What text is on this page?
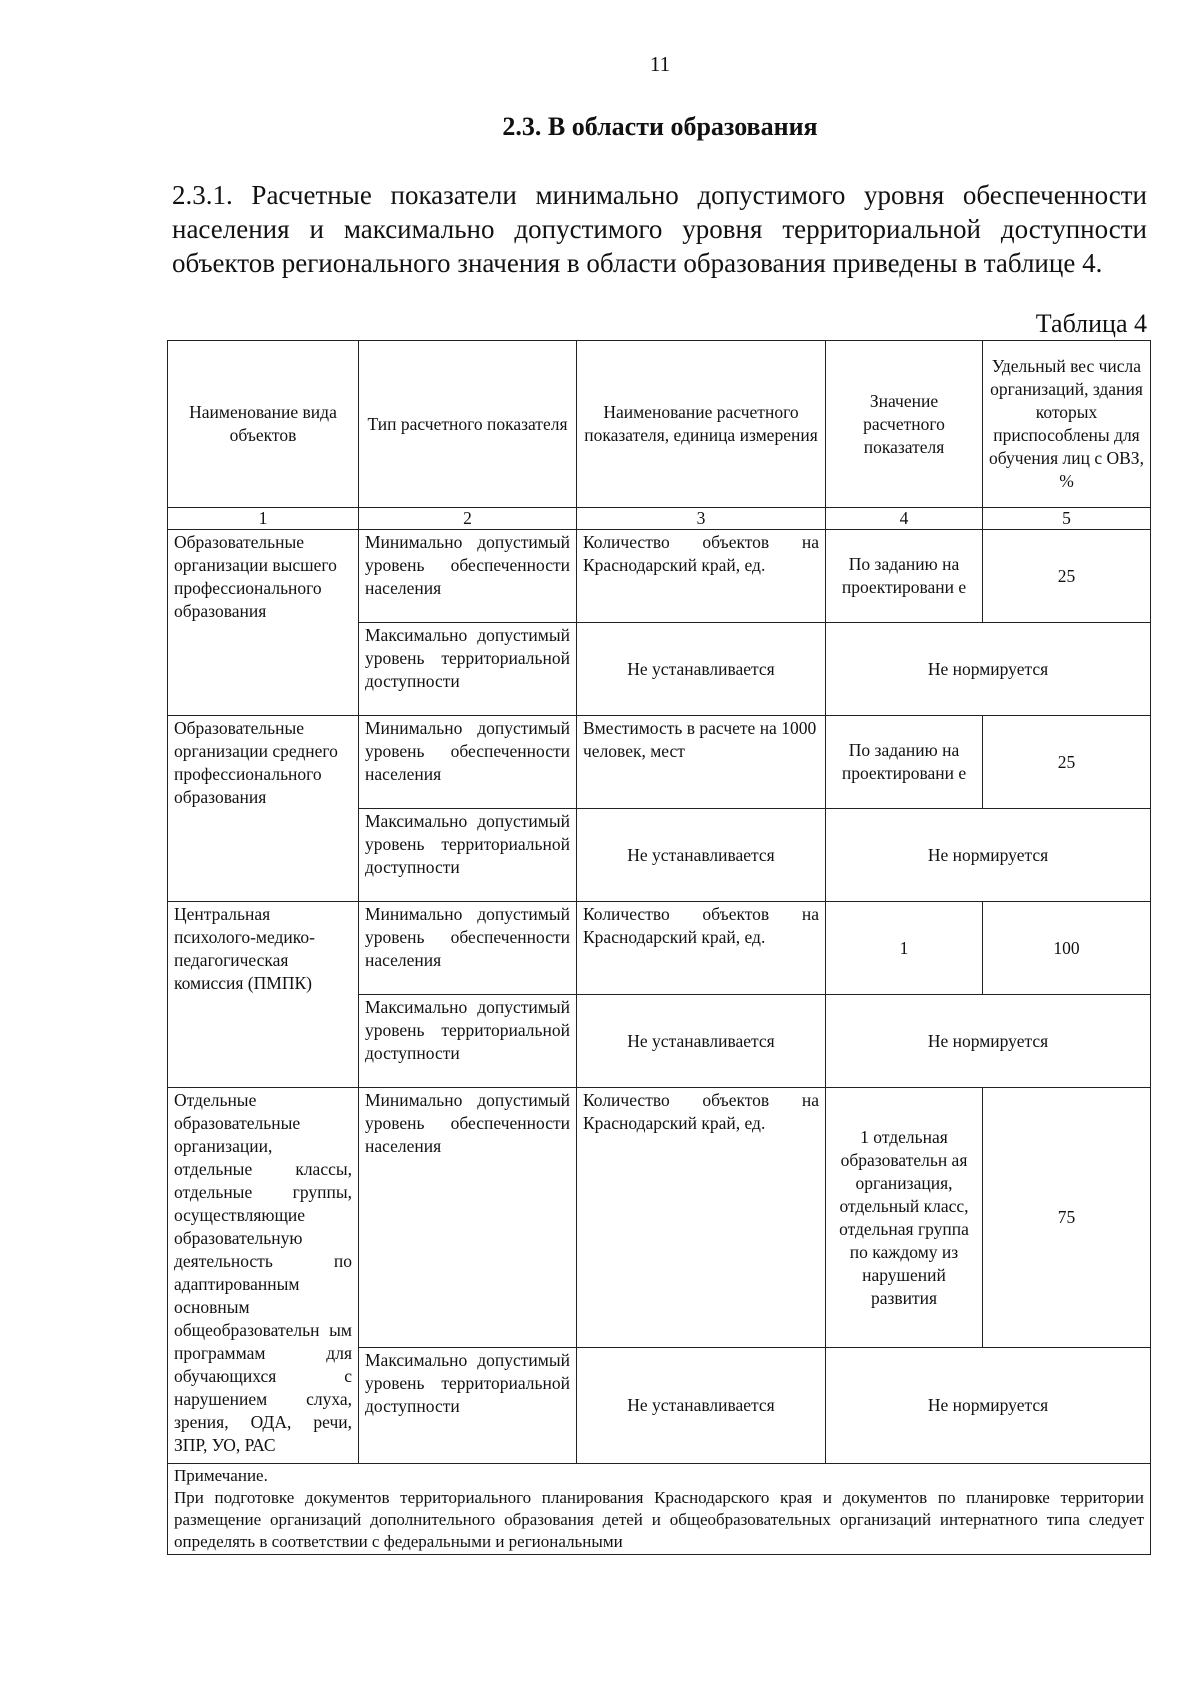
11
2.3. В области образования
2.3.1. Расчетные показатели минимально допустимого уровня обеспеченности населения и максимально допустимого уровня территориальной доступности объектов регионального значения в области образования приведены в таблице 4.
Таблица 4
Наименование вида объектов	Тип расчетного показателя	Наименование расчетного показателя, единица измерения	Значение расчетного показателя	Удельный вес числа организаций, здания которых приспособлены для обучения лиц с ОВЗ, %
1	2	3	4	5
Образовательные организации высшего профессионального образования	Минимально допустимый уровень обеспеченности населения	Количество объектов на Краснодарский край, ед.	По заданию на проектировани е	25
	Максимально допустимый уровень территориальной доступности	Не устанавливается	Не нормируется	
Образовательные организации среднего профессионального образования	Минимально допустимый уровень обеспеченности населения	Вместимость в расчете на 1000 человек, мест	По заданию на проектировани е	25
	Максимально допустимый уровень территориальной доступности	Не устанавливается	Не нормируется	
Центральная психолого-медико-педагогическая комиссия (ПМПК)	Минимально допустимый уровень обеспеченности населения	Количество объектов на Краснодарский край, ед.	1	100
	Максимально допустимый уровень территориальной доступности	Не устанавливается	Не нормируется	
Отдельные образовательные организации, отдельные классы, отдельные группы, осуществляющие образовательную деятельность по адаптированным основным общеобразовательн ым программам для обучающихся с нарушением слуха, зрения, ОДА, речи, ЗПР, УО, РАС	Минимально допустимый уровень обеспеченности населения	Количество объектов на Краснодарский край, ед.	1 отдельная образовательн ая организация, отдельный класс, отдельная группа по каждому из нарушений развития	75
	Максимально допустимый уровень территориальной доступности	Не устанавливается	Не нормируется	

Примечание.
При подготовке документов территориального планирования Краснодарского края и документов по планировке территории размещение организаций дополнительного образования детей и общеобразовательных организаций интернатного типа следует определять в соответствии с федеральными и региональными				
